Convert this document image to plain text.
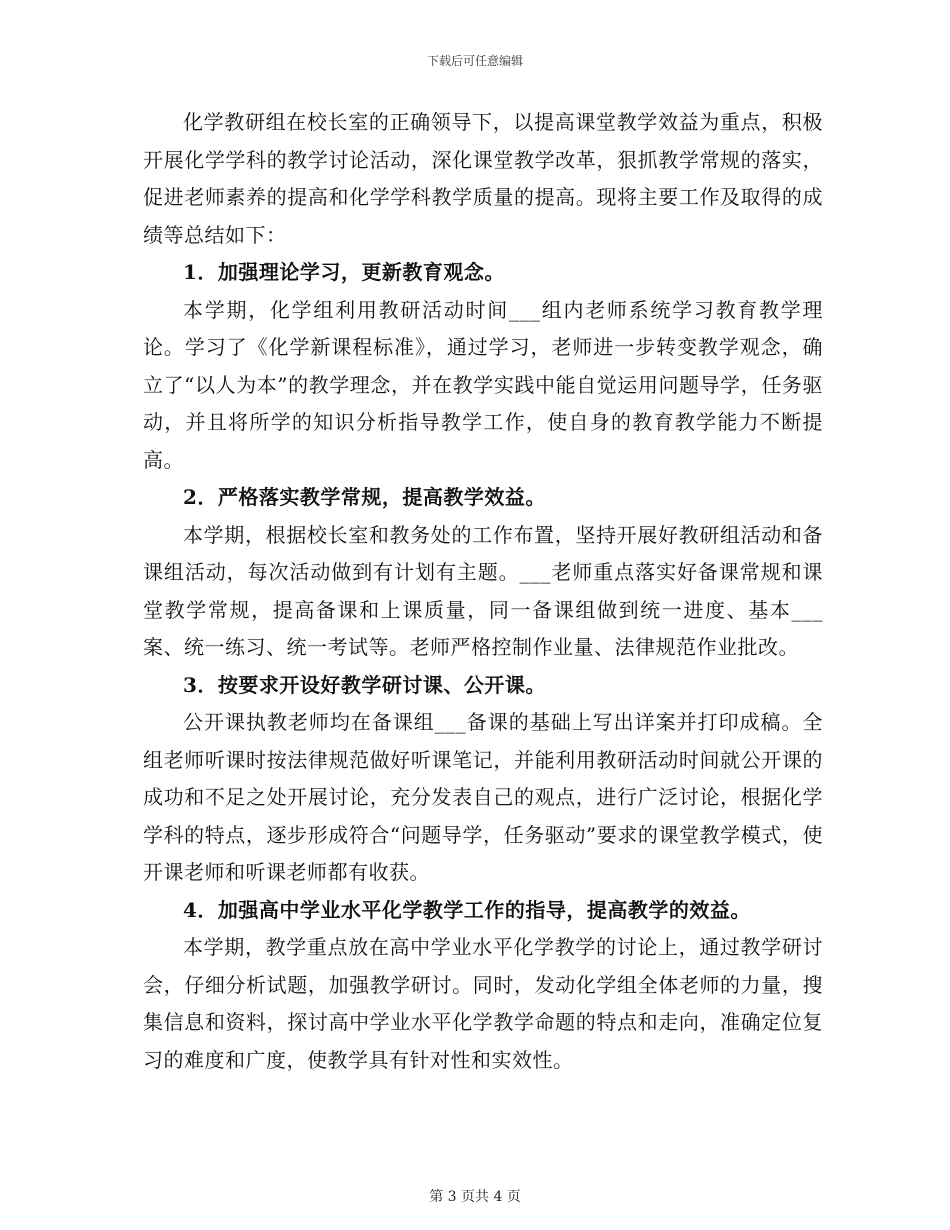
下载后可任意编辑

化学教研组在校长室的正确领导下，以提高课堂教学效益为重点，积极开展化学学科的教学讨论活动，深化课堂教学改革，狠抓教学常规的落实，促进老师素养的提高和化学学科教学质量的提高。现将主要工作及取得的成绩等总结如下：

1．加强理论学习，更新教育观念。

本学期，化学组利用教研活动时间___组内老师系统学习教育教学理论。学习了《化学新课程标准》，通过学习，老师进一步转变教学观念，确立了“以人为本”的教学理念，并在教学实践中能自觉运用问题导学，任务驱动，并且将所学的知识分析指导教学工作，使自身的教育教学能力不断提高。

2．严格落实教学常规，提高教学效益。

本学期，根据校长室和教务处的工作布置，坚持开展好教研组活动和备课组活动，每次活动做到有计划有主题。___老师重点落实好备课常规和课堂教学常规，提高备课和上课质量，同一备课组做到统一进度、基本___案、统一练习、统一考试等。老师严格控制作业量、法律规范作业批改。

3．按要求开设好教学研讨课、公开课。

公开课执教老师均在备课组___备课的基础上写出详案并打印成稿。全组老师听课时按法律规范做好听课笔记，并能利用教研活动时间就公开课的成功和不足之处开展讨论，充分发表自己的观点，进行广泛讨论，根据化学学科的特点，逐步形成符合“问题导学，任务驱动”要求的课堂教学模式，使开课老师和听课老师都有收获。

4．加强高中学业水平化学教学工作的指导，提高教学的效益。

本学期，教学重点放在高中学业水平化学教学的讨论上，通过教学研讨会，仔细分析试题，加强教学研讨。同时，发动化学组全体老师的力量，搜集信息和资料，探讨高中学业水平化学教学命题的特点和走向，准确定位复习的难度和广度，使教学具有针对性和实效性。

第 3 页共 4 页
